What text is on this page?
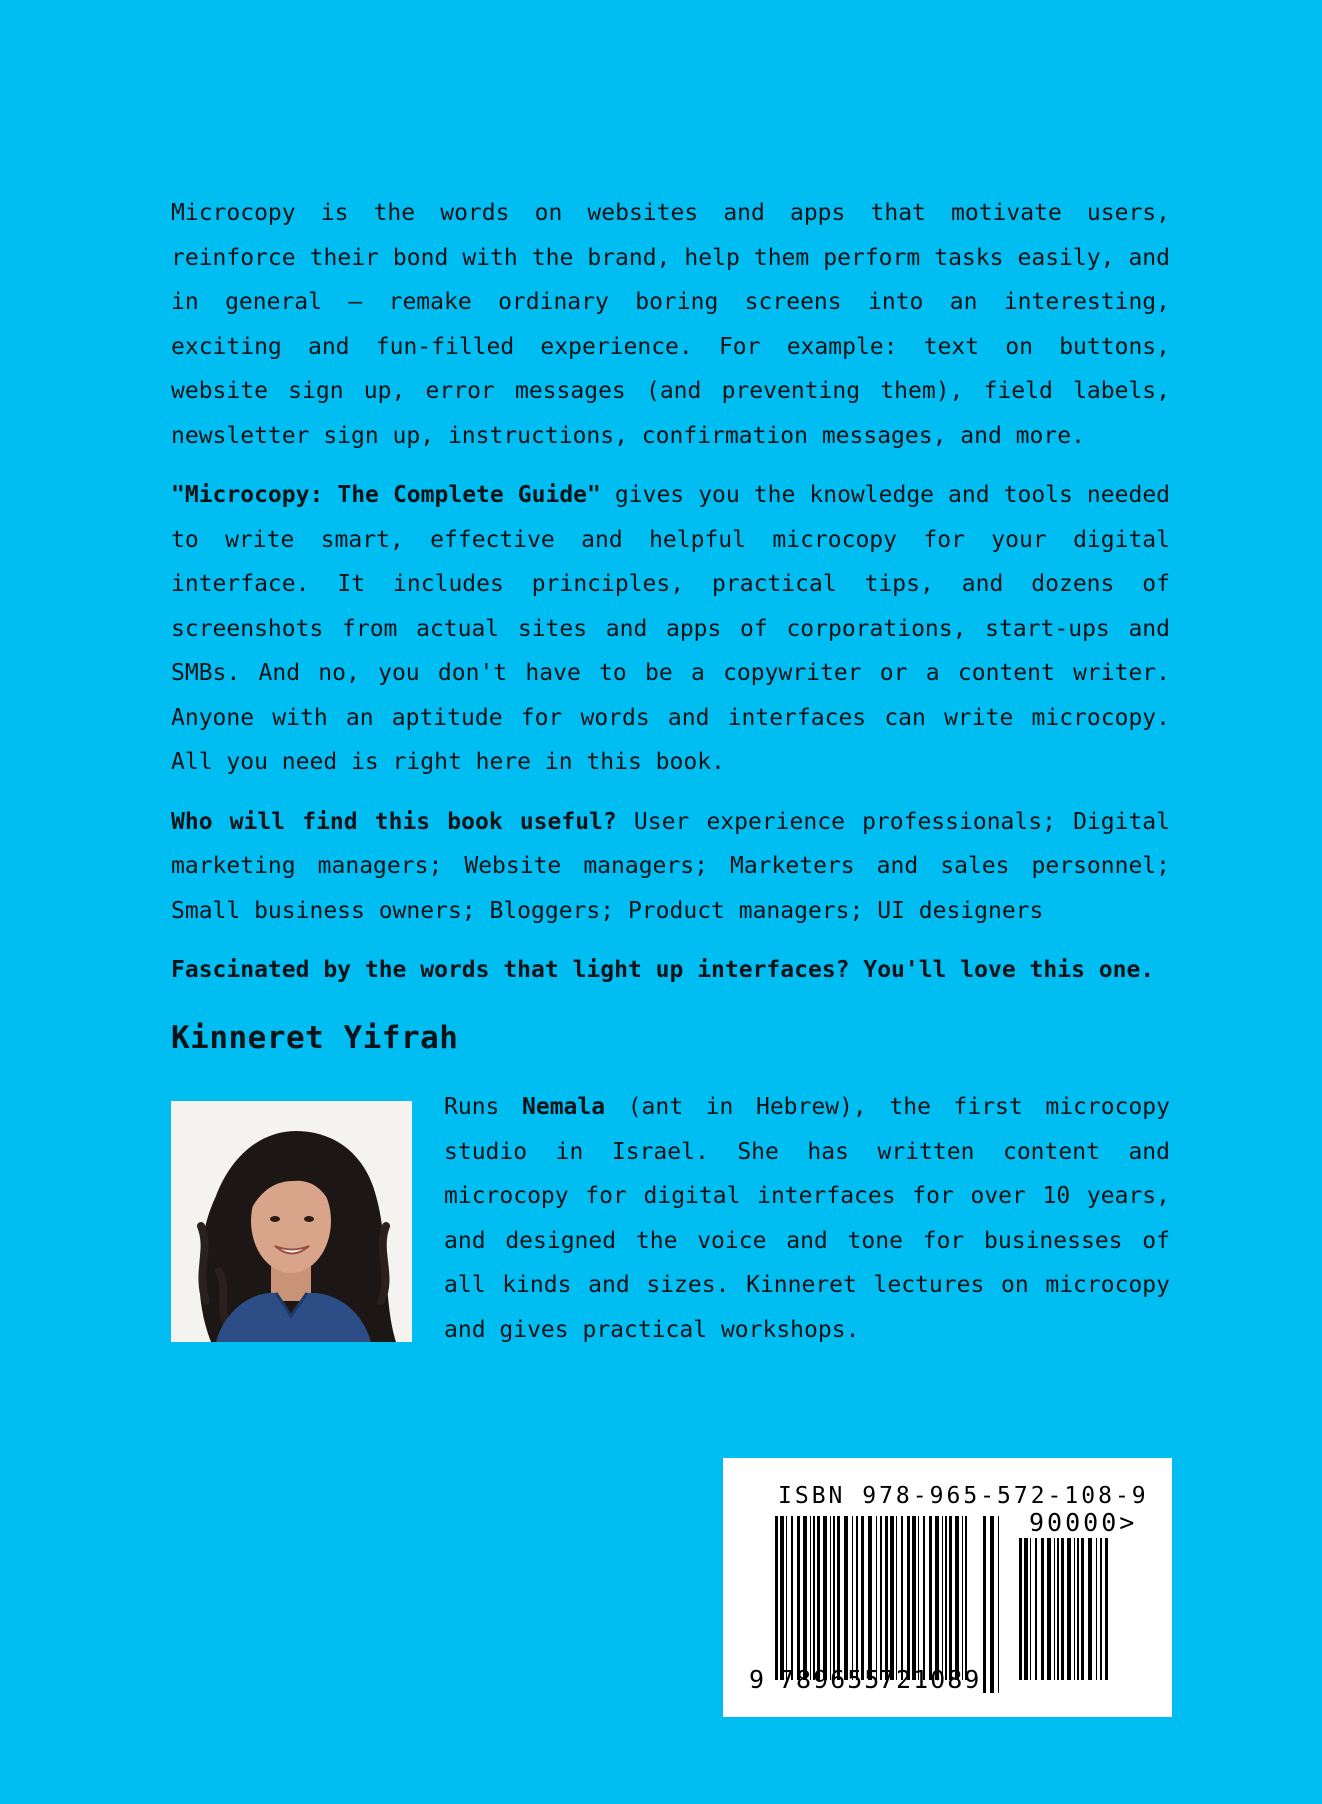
Microcopy is the words on websites and apps that motivate users, reinforce their bond with the brand, help them perform tasks easily, and in general – remake ordinary boring screens into an interesting, exciting and fun-filled experience. For example: text on buttons, website sign up, error messages (and preventing them), field labels, newsletter sign up, instructions, confirmation messages, and more.

"Microcopy: The Complete Guide" gives you the knowledge and tools needed to write smart, effective and helpful microcopy for your digital interface. It includes principles, practical tips, and dozens of screenshots from actual sites and apps of corporations, start-ups and SMBs. And no, you don't have to be a copywriter or a content writer. Anyone with an aptitude for words and interfaces can write microcopy. All you need is right here in this book.

Who will find this book useful? User experience professionals; Digital marketing managers; Website managers; Marketers and sales personnel; Small business owners; Bloggers; Product managers; UI designers

Fascinated by the words that light up interfaces? You'll love this one.

Kinneret Yifrah

Runs Nemala (ant in Hebrew), the first microcopy studio in Israel. She has written content and microcopy for digital interfaces for over 10 years, and designed the voice and tone for businesses of all kinds and sizes. Kinneret lectures on microcopy and gives practical workshops.

ISBN 978-965-572-108-9
90000>
9 789655
721089
